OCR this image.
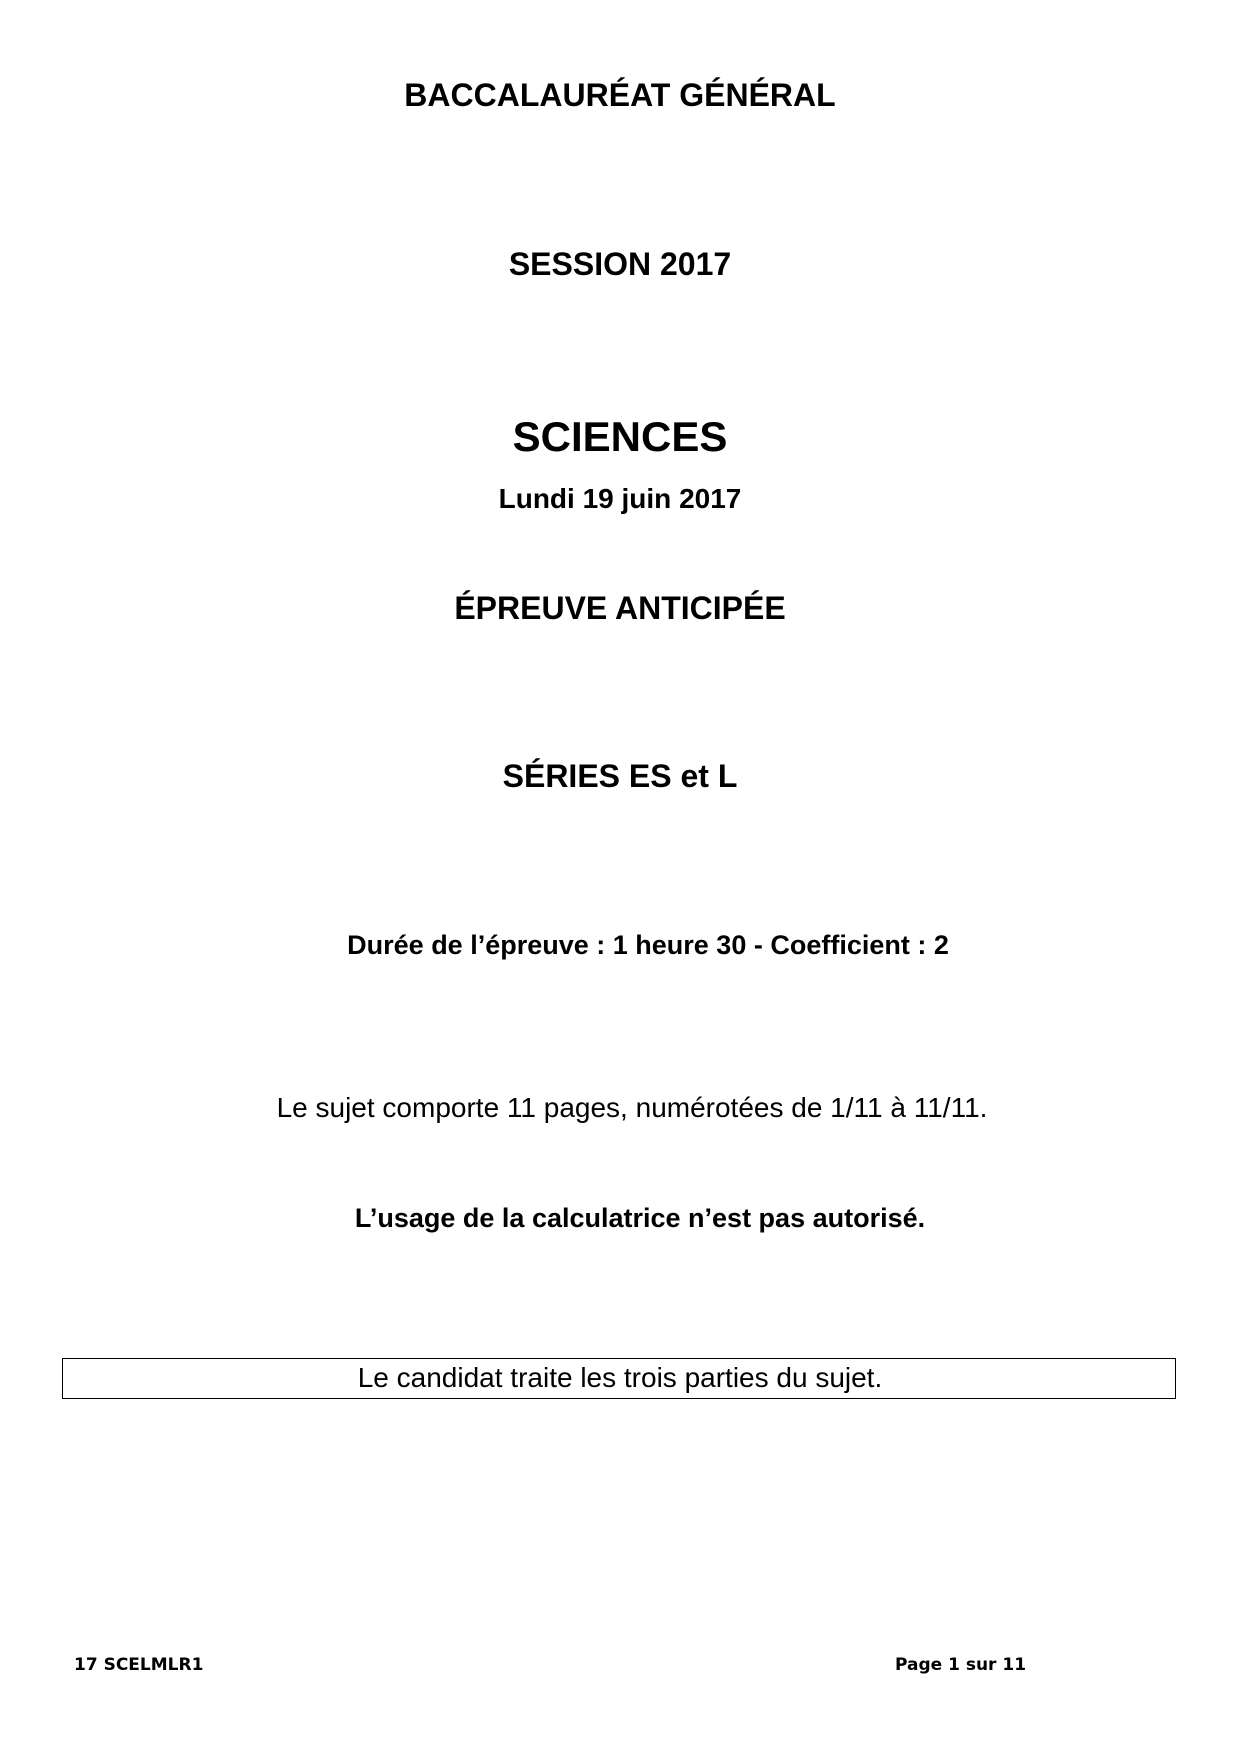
BACCALAURÉAT GÉNÉRAL
SESSION 2017
SCIENCES
Lundi 19 juin 2017
ÉPREUVE ANTICIPÉE
SÉRIES ES et L
Durée de l’épreuve : 1 heure 30 - Coefficient : 2
Le sujet comporte 11 pages, numérotées de 1/11 à 11/11.
L’usage de la calculatrice n’est pas autorisé.
Le candidat traite les trois parties du sujet.
17 SCELMLR1	Page 1 sur 11
